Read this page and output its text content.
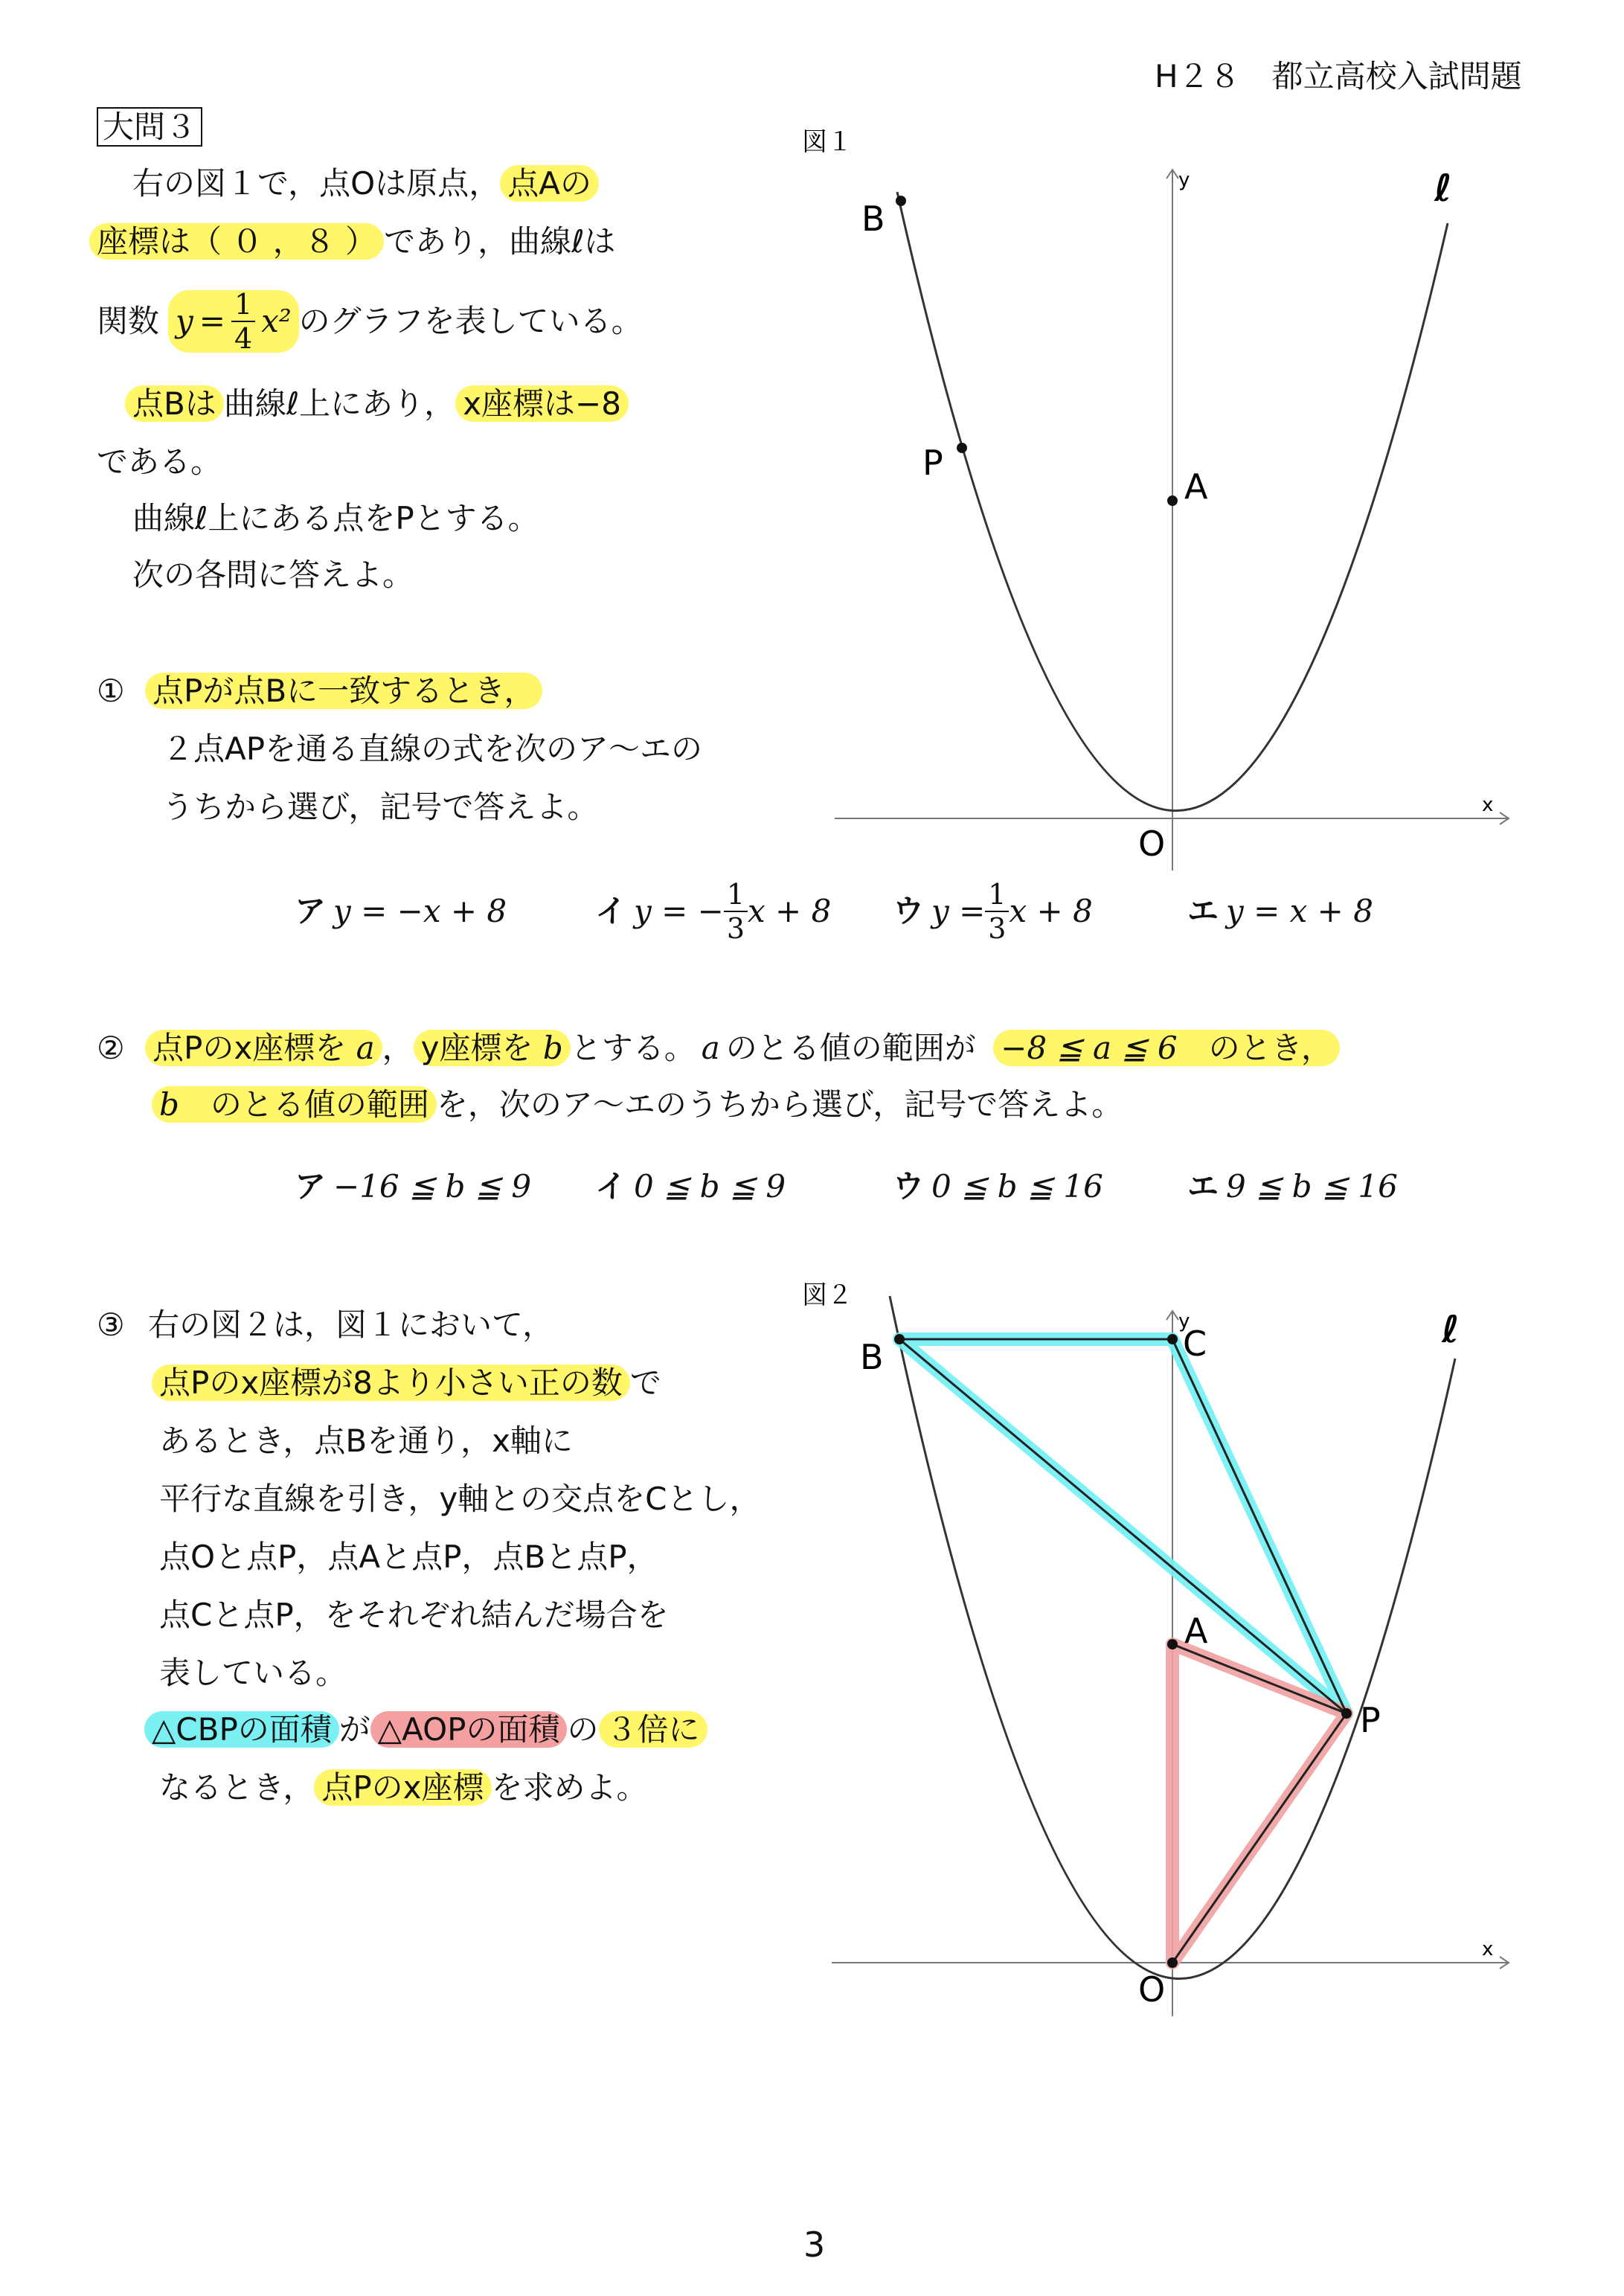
H２８　都立高校入試問題
大問３
右の図１で，点Oは原点， 点Aの
座標は（ ０ ，８ ） であり，曲線ℓは
関数 $y = \frac{1}{4} x^2$ のグラフを表している。
点Bは 曲線ℓ上にあり， x座標は−8
である。
曲線ℓ上にある点をPとする。
次の各問に答えよ。
① 点Pが点Bに一致するとき，
２点APを通る直線の式を次のア〜エの
うちから選び，記号で答えよ。
ア y = −x + 8	イ y = − $\frac{1}{3}$ x + 8 ウ $y = \frac{1}{3}$ x + 8	エ y = x + 8
② 点Pのx座標を a ， y座標を b とする。 a のとる値の範囲が −8 ≦ a ≦ 6　 のとき，
b　 のとる値の範囲 を，次のア〜エのうちから選び，記号で答えよ。
ア −16 ≦ b ≦ 9 イ 0 ≦ b ≦ 9	ウ 0 ≦ b ≦ 16	エ 9 ≦ b ≦ 16
③ 右の図２は，図１において，
点Pのx座標が8より小さい正の数 で
あるとき，点Bを通り，x軸に
平行な直線を引き，y軸との交点をCとし，
点Oと点P，点Aと点P，点Bと点P，
点Cと点P，をそれぞれ結んだ場合を
表している。
△CBPの面積 が △AOPの面積 の ３倍に
なるとき， 点Pのx座標 を求めよ。
図１
B
P
A
O
x
y	ℓ
図２
B	C
A
P
O
x
y	ℓ
3
